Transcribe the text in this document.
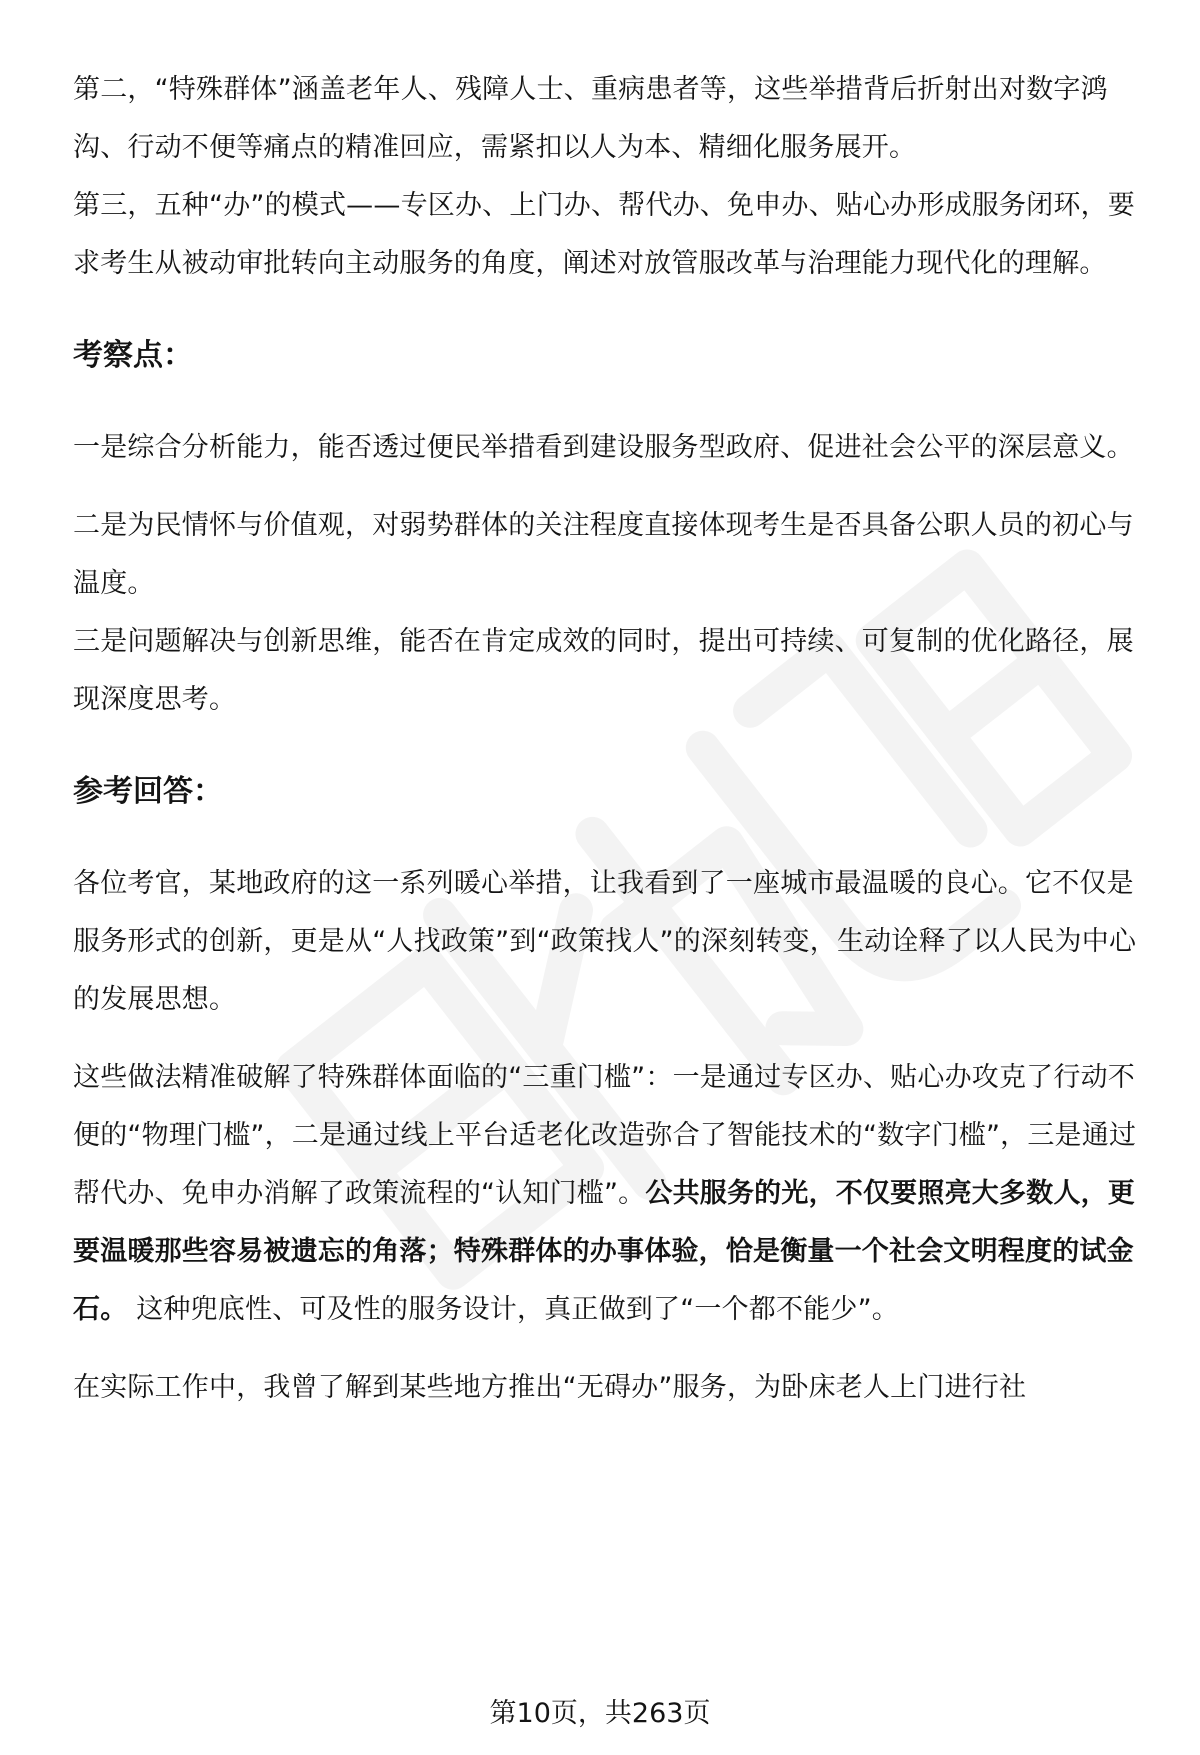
第二，“特殊群体”涵盖老年人、残障人士、重病患者等，这些举措背后折射出对数字鸿沟、行动不便等痛点的精准回应，需紧扣以人为本、精细化服务展开。

第三，五种“办”的模式——专区办、上门办、帮代办、免申办、贴心办形成服务闭环，要求考生从被动审批转向主动服务的角度，阐述对放管服改革与治理能力现代化的理解。

考察点：

一是综合分析能力，能否透过便民举措看到建设服务型政府、促进社会公平的深层意义。

二是为民情怀与价值观，对弱势群体的关注程度直接体现考生是否具备公职人员的初心与温度。

三是问题解决与创新思维，能否在肯定成效的同时，提出可持续、可复制的优化路径，展现深度思考。

参考回答：

各位考官，某地政府的这一系列暖心举措，让我看到了一座城市最温暖的良心。它不仅是服务形式的创新，更是从“人找政策”到“政策找人”的深刻转变，生动诠释了以人民为中心的发展思想。

这些做法精准破解了特殊群体面临的“三重门槛”：一是通过专区办、贴心办攻克了行动不便的“物理门槛”，二是通过线上平台适老化改造弥合了智能技术的“数字门槛”，三是通过帮代办、免申办消解了政策流程的“认知门槛”。公共服务的光，不仅要照亮大多数人，更要温暖那些容易被遗忘的角落；特殊群体的办事体验，恰是衡量一个社会文明程度的试金石。 这种兜底性、可及性的服务设计，真正做到了“一个都不能少”。

在实际工作中，我曾了解到某些地方推出“无碍办”服务，为卧床老人上门进行社

第10页，共263页
